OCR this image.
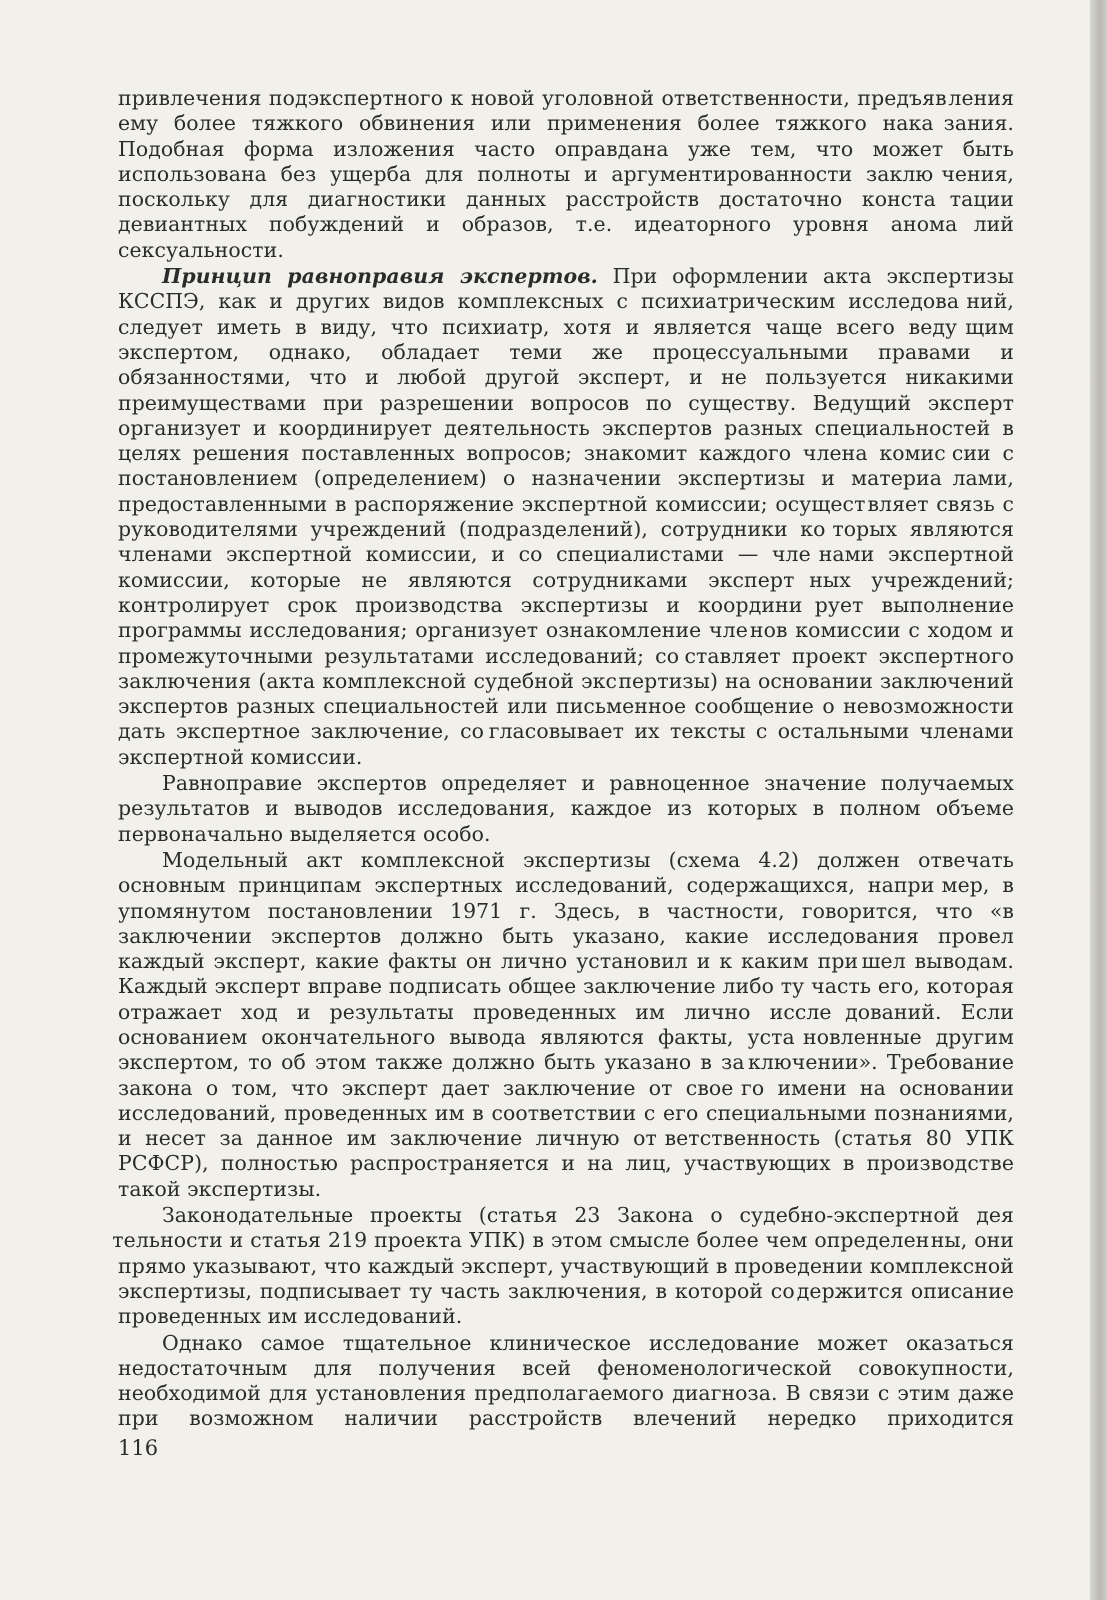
привлечения подэкспертного к новой уголовной ответственности, предъяв ления ему более тяжкого обвинения или применения более тяжкого нака зания. Подобная форма изложения часто оправдана уже тем, что может быть использована без ущерба для полноты и аргументированности заклю чения, поскольку для диагностики данных расстройств достаточно конста тации девиантных побуждений и образов, т.е. идеаторного уровня анома лий сексуальности.

Принцип равноправия экспертов. При оформлении акта экспертизы КССПЭ, как и других видов комплексных с психиатрическим исследова ний, следует иметь в виду, что психиатр, хотя и является чаще всего веду щим экспертом, однако, обладает теми же процессуальными правами и обязанностями, что и любой другой эксперт, и не пользуется никакими преимуществами при разрешении вопросов по существу. Ведущий эксперт организует и координирует деятельность экспертов разных специальностей в целях решения поставленных вопросов; знакомит каждого члена комис сии с постановлением (определением) о назначении экспертизы и материа лами, предоставленными в распоряжение экспертной комиссии; осущест вляет связь с руководителями учреждений (подразделений), сотрудники ко торых являются членами экспертной комиссии, и со специалистами — чле нами экспертной комиссии, которые не являются сотрудниками эксперт ных учреждений; контролирует срок производства экспертизы и координи рует выполнение программы исследования; организует ознакомление чле нов комиссии с ходом и промежуточными результатами исследований; со ставляет проект экспертного заключения (акта комплексной судебной экс пертизы) на основании заключений экспертов разных специальностей или письменное сообщение о невозможности дать экспертное заключение, со гласовывает их тексты с остальными членами экспертной комиссии.

Равноправие экспертов определяет и равноценное значение получаемых результатов и выводов исследования, каждое из которых в полном объеме первоначально выделяется особо.

Модельный акт комплексной экспертизы (схема 4.2) должен отвечать основным принципам экспертных исследований, содержащихся, напри мер, в упомянутом постановлении 1971 г. Здесь, в частности, говорится, что «в заключении экспертов должно быть указано, какие исследования провел каждый эксперт, какие факты он лично установил и к каким при шел выводам. Каждый эксперт вправе подписать общее заключение либо ту часть его, которая отражает ход и результаты проведенных им лично иссле дований. Если основанием окончательного вывода являются факты, уста новленные другим экспертом, то об этом также должно быть указано в за ключении». Требование закона о том, что эксперт дает заключение от свое го имени на основании исследований, проведенных им в соответствии с его специальными познаниями, и несет за данное им заключение личную от ветственность (статья 80 УПК РСФСР), полностью распространяется и на лиц, участвующих в производстве такой экспертизы.

Законодательные проекты (статья 23 Закона о судебно-экспертной дея тельности и статья 219 проекта УПК) в этом смысле более чем определен ны, они прямо указывают, что каждый эксперт, участвующий в проведении комплексной экспертизы, подписывает ту часть заключения, в которой со держится описание проведенных им исследований.

Однако самое тщательное клиническое исследование может оказаться недостаточным для получения всей феноменологической совокупности, необходимой для установления предполагаемого диагноза. В связи с этим даже при возможном наличии расстройств влечений нередко приходится

116
